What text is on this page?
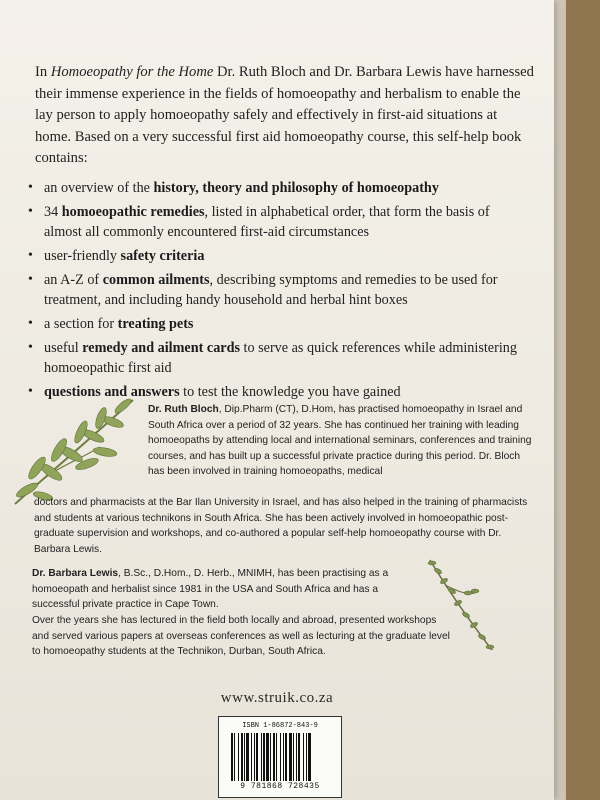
In Homoeopathy for the Home Dr. Ruth Bloch and Dr. Barbara Lewis have harnessed their immense experience in the fields of homoeopathy and herbalism to enable the lay person to apply homoeopathy safely and effectively in first-aid situations at home. Based on a very successful first aid homoeopathy course, this self-help book contains:

• an overview of the history, theory and philosophy of homoeopathy
• 34 homoeopathic remedies, listed in alphabetical order, that form the basis of almost all commonly encountered first-aid circumstances
• user-friendly safety criteria
• an A-Z of common ailments, describing symptoms and remedies to be used for treatment, and including handy household and herbal hint boxes
• a section for treating pets
• useful remedy and ailment cards to serve as quick references while administering homoeopathic first aid
• questions and answers to test the knowledge you have gained

Dr. Ruth Bloch, Dip.Pharm (CT), D.Hom, has practised homoeopathy in Israel and South Africa over a period of 32 years. She has continued her training with leading homoeopaths by attending local and international seminars, conferences and training courses, and has built up a successful private practice during this period. Dr. Bloch has been involved in training homoeopaths, medical

doctors and pharmacists at the Bar Ilan University in Israel, and has also helped in the training of pharmacists and students at various technikons in South Africa. She has been actively involved in homoeopathic post-graduate supervision and workshops, and co-authored a popular self-help homoeopathy course with Dr. Barbara Lewis.

Dr. Barbara Lewis, B.Sc., D.Hom., D. Herb., MNIMH, has been practising as a homoeopath and herbalist since 1981 in the USA and South Africa and has a successful private practice in Cape Town.

Over the years she has lectured in the field both locally and abroad, presented workshops and served various papers at overseas conferences as well as lecturing at the graduate level to homoeopathy students at the Technikon, Durban, South Africa.

www.struik.co.za
ISBN 1-86872-843-9
9 781868 728435
